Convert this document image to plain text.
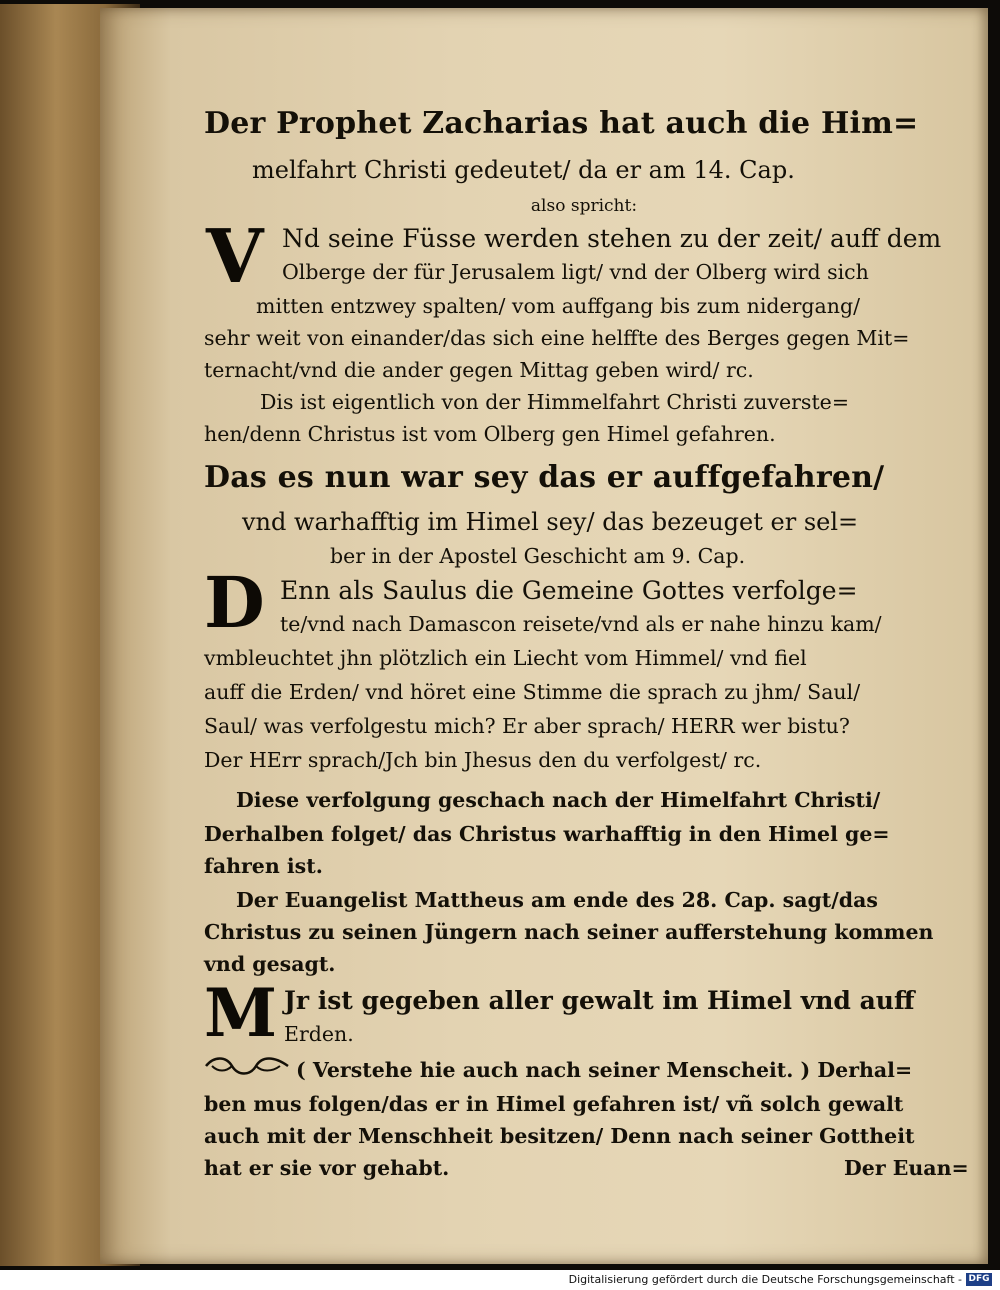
Der Prophet Zacharias hat auch die Him=
melfahrt Christi gedeutet/ da er am 14. Cap.
also spricht:
V Nd seine Füsse werden stehen zu der zeit/ auff dem
Olberge der für Jerusalem ligt/ vnd der Olberg wird sich
mitten entzwey spalten/ vom auffgang bis zum nidergang/
sehr weit von einander/das sich eine helffte des Berges gegen Mit=
ternacht/vnd die ander gegen Mittag geben wird/ rc.
Dis ist eigentlich von der Himmelfahrt Christi zuverste=
hen/denn Christus ist vom Olberg gen Himel gefahren.
Das es nun war sey das er auffgefahren/
vnd warhafftig im Himel sey/ das bezeuget er sel=
ber in der Apostel Geschicht am 9. Cap.
D Enn als Saulus die Gemeine Gottes verfolge=
te/vnd nach Damascon reisete/vnd als er nahe hinzu kam/
vmbleuchtet jhn plötzlich ein Liecht vom Himmel/ vnd fiel
auff die Erden/ vnd höret eine Stimme die sprach zu jhm/ Saul/
Saul/ was verfolgestu mich? Er aber sprach/ HERR wer bistu?
Der HErr sprach/Jch bin Jhesus den du verfolgest/ rc.
Diese verfolgung geschach nach der Himelfahrt Christi/
Derhalben folget/ das Christus warhafftig in den Himel ge=
fahren ist.
Der Euangelist Mattheus am ende des 28. Cap. sagt/das
Christus zu seinen Jüngern nach seiner aufferstehung kommen
vnd gesagt.
M Jr ist gegeben aller gewalt im Himel vnd auff
Erden.
( Verstehe hie auch nach seiner Menscheit. ) Derhal=
ben mus folgen/das er in Himel gefahren ist/ vñ solch gewalt
auch mit der Menschheit besitzen/ Denn nach seiner Gottheit
hat er sie vor gehabt.	Der Euan=
Digitalisierung gefördert durch die Deutsche Forschungsgemeinschaft - DFG
